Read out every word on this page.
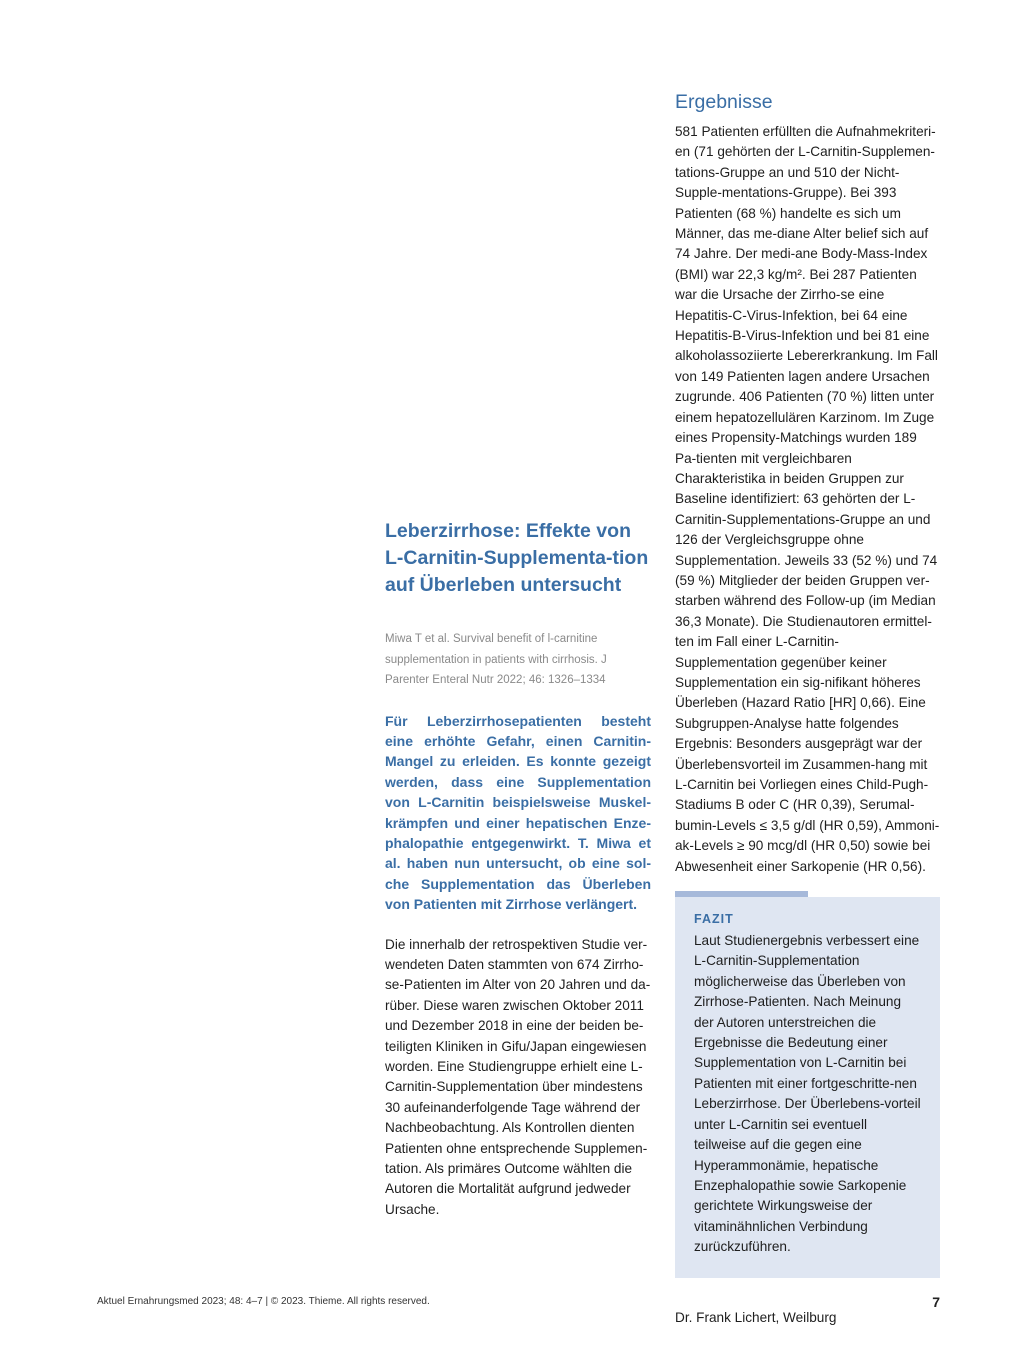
Leberzirrhose: Effekte von L-Carnitin-Supplementa-tion auf Überleben untersucht

Miwa T et al. Survival benefit of l-carnitine supplementation in patients with cirrhosis. J Parenter Enteral Nutr 2022; 46: 1326–1334

Für Leberzirrhosepatienten besteht eine erhöhte Gefahr, einen Carnitin-Mangel zu erleiden. Es konnte gezeigt werden, dass eine Supplementation von L-Carnitin beispielsweise Muskel-krämpfen und einer hepatischen Enze-phalopathie entgegenwirkt. T. Miwa et al. haben nun untersucht, ob eine sol-che Supplementation das Überleben von Patienten mit Zirrhose verlängert.

Die innerhalb der retrospektiven Studie ver-wendeten Daten stammten von 674 Zirrho-se-Patienten im Alter von 20 Jahren und da-rüber. Diese waren zwischen Oktober 2011 und Dezember 2018 in eine der beiden be-teiligten Kliniken in Gifu/Japan eingewiesen worden. Eine Studiengruppe erhielt eine L-Carnitin-Supplementation über mindestens 30 aufeinanderfolgende Tage während der Nachbeobachtung. Als Kontrollen dienten Patienten ohne entsprechende Supplemen-tation. Als primäres Outcome wählten die Autoren die Mortalität aufgrund jedweder Ursache.

Ergebnisse

581 Patienten erfüllten die Aufnahmekriteri-en (71 gehörten der L-Carnitin-Supplemen-tations-Gruppe an und 510 der Nicht-Supple-mentations-Gruppe). Bei 393 Patienten (68 %) handelte es sich um Männer, das me-diane Alter belief sich auf 74 Jahre. Der medi-ane Body-Mass-Index (BMI) war 22,3 kg/m². Bei 287 Patienten war die Ursache der Zirrho-se eine Hepatitis-C-Virus-Infektion, bei 64 eine Hepatitis-B-Virus-Infektion und bei 81 eine alkoholassoziierte Lebererkrankung. Im Fall von 149 Patienten lagen andere Ursachen zugrunde. 406 Patienten (70 %) litten unter einem hepatozellulären Karzinom. Im Zuge eines Propensity-Matchings wurden 189 Pa-tienten mit vergleichbaren Charakteristika in beiden Gruppen zur Baseline identifiziert: 63 gehörten der L-Carnitin-Supplementations-Gruppe an und 126 der Vergleichsgruppe ohne Supplementation. Jeweils 33 (52 %) und 74 (59 %) Mitglieder der beiden Gruppen ver-starben während des Follow-up (im Median 36,3 Monate). Die Studienautoren ermittel-ten im Fall einer L-Carnitin-Supplementation gegenüber keiner Supplementation ein sig-nifikant höheres Überleben (Hazard Ratio [HR] 0,66). Eine Subgruppen-Analyse hatte folgendes Ergebnis: Besonders ausgeprägt war der Überlebensvorteil im Zusammen-hang mit L-Carnitin bei Vorliegen eines Child-Pugh-Stadiums B oder C (HR 0,39), Serumal-bumin-Levels ≤ 3,5 g/dl (HR 0,59), Ammoni-ak-Levels ≥ 90 mcg/dl (HR 0,50) sowie bei Abwesenheit einer Sarkopenie (HR 0,56).

FAZIT

Laut Studienergebnis verbessert eine L-Carnitin-Supplementation möglicherweise das Überleben von Zirrhose-Patienten. Nach Meinung der Autoren unterstreichen die Ergebnisse die Bedeutung einer Supplementation von L-Carnitin bei Patienten mit einer fortgeschritte-nen Leberzirrhose. Der Überlebens-vorteil unter L-Carnitin sei eventuell teilweise auf die gegen eine Hyperammonämie, hepatische Enzephalopathie sowie Sarkopenie gerichtete Wirkungsweise der vitaminähnlichen Verbindung zurückzuführen.

Dr. Frank Lichert, Weilburg

Aktuel Ernahrungsmed 2023; 48: 4–7 | © 2023. Thieme. All rights reserved.	7
